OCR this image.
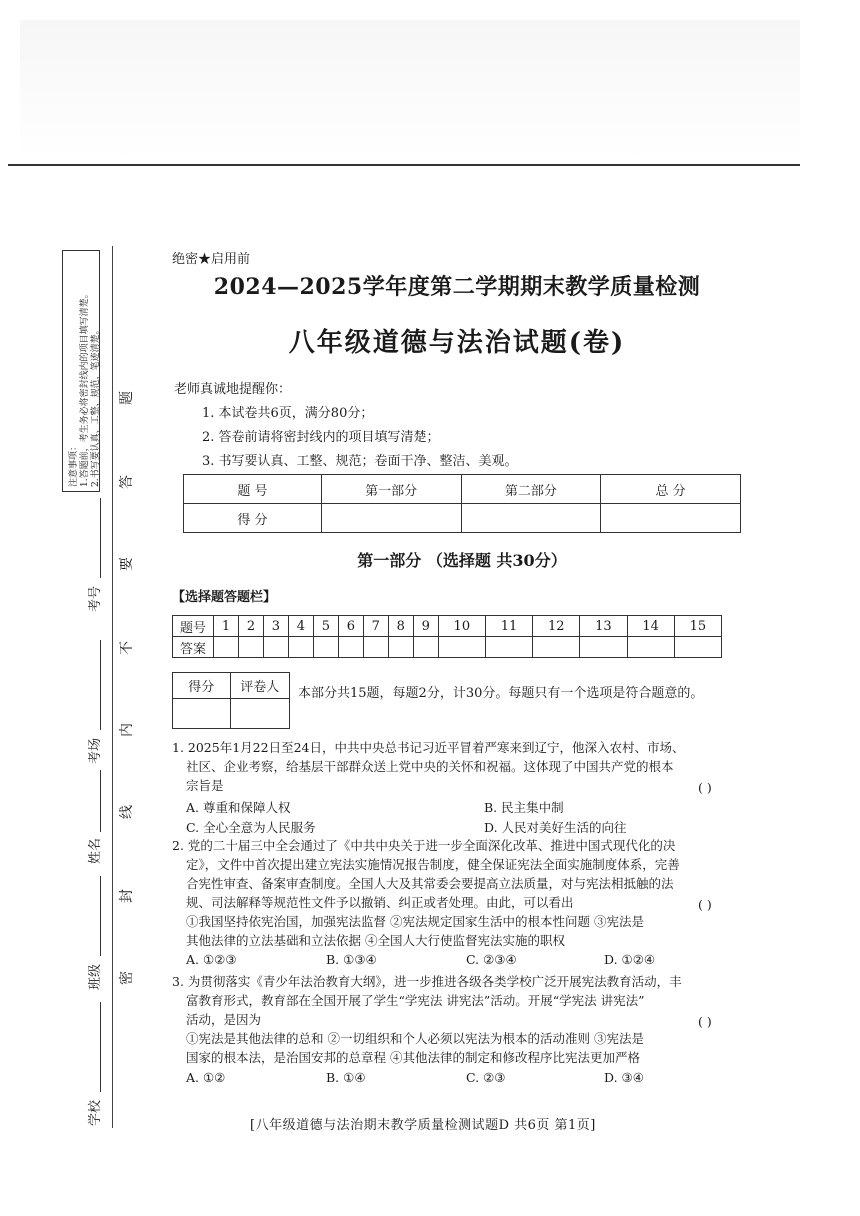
注意事项： 1.答题前，考生务必将密封线内的项目填写清楚。 2.书写要认真、工整、规范，笔迹清楚。 题
答
要
不
内
线
封
密
考号
考场
姓名
班级
学校
绝密★启用前
2024—2025学年度第二学期期末教学质量检测
八年级道德与法治试题(卷)
老师真诚地提醒你：
1. 本试卷共6页，满分80分；
2. 答卷前请将密封线内的项目填写清楚；
3. 书写要认真、工整、规范；卷面干净、整洁、美观。
题 号	第一部分	第二部分	总 分
得 分			
第一部分 （选择题 共30分）
【选择题答题栏】
题号	1	2	3	4	5	6	7	8	9	10	11	12	13	14	15
答案															
得分	评卷人
	本部分共15题，每题2分，计30分。每题只有一个选项是符合题意的。
1. 2025年1月22日至24日，中共中央总书记习近平冒着严寒来到辽宁，他深入农村、市场、
社区、企业考察，给基层干部群众送上党中央的关怀和祝福。这体现了中国共产党的根本
宗旨是	( )
A. 尊重和保障人权	B. 民主集中制
C. 全心全意为人民服务	D. 人民对美好生活的向往
2. 党的二十届三中全会通过了《中共中央关于进一步全面深化改革、推进中国式现代化的决
定》，文件中首次提出建立宪法实施情况报告制度，健全保证宪法全面实施制度体系，完善
合宪性审查、备案审查制度。全国人大及其常委会要提高立法质量，对与宪法相抵触的法
规、司法解释等规范性文件予以撤销、纠正或者处理。由此，可以看出	( )
①我国坚持依宪治国，加强宪法监督 ②宪法规定国家生活中的根本性问题 ③宪法是
其他法律的立法基础和立法依据 ④全国人大行使监督宪法实施的职权
A. ①②③	B. ①③④	C. ②③④	D. ①②④
3. 为贯彻落实《青少年法治教育大纲》，进一步推进各级各类学校广泛开展宪法教育活动，丰
富教育形式，教育部在全国开展了学生“学宪法 讲宪法”活动。开展“学宪法 讲宪法”
活动，是因为	( )
①宪法是其他法律的总和 ②一切组织和个人必须以宪法为根本的活动准则 ③宪法是
国家的根本法，是治国安邦的总章程 ④其他法律的制定和修改程序比宪法更加严格
A. ①②	B. ①④	C. ②③	D. ③④
[八年级道德与法治期末教学质量检测试题D 共6页 第1页]
